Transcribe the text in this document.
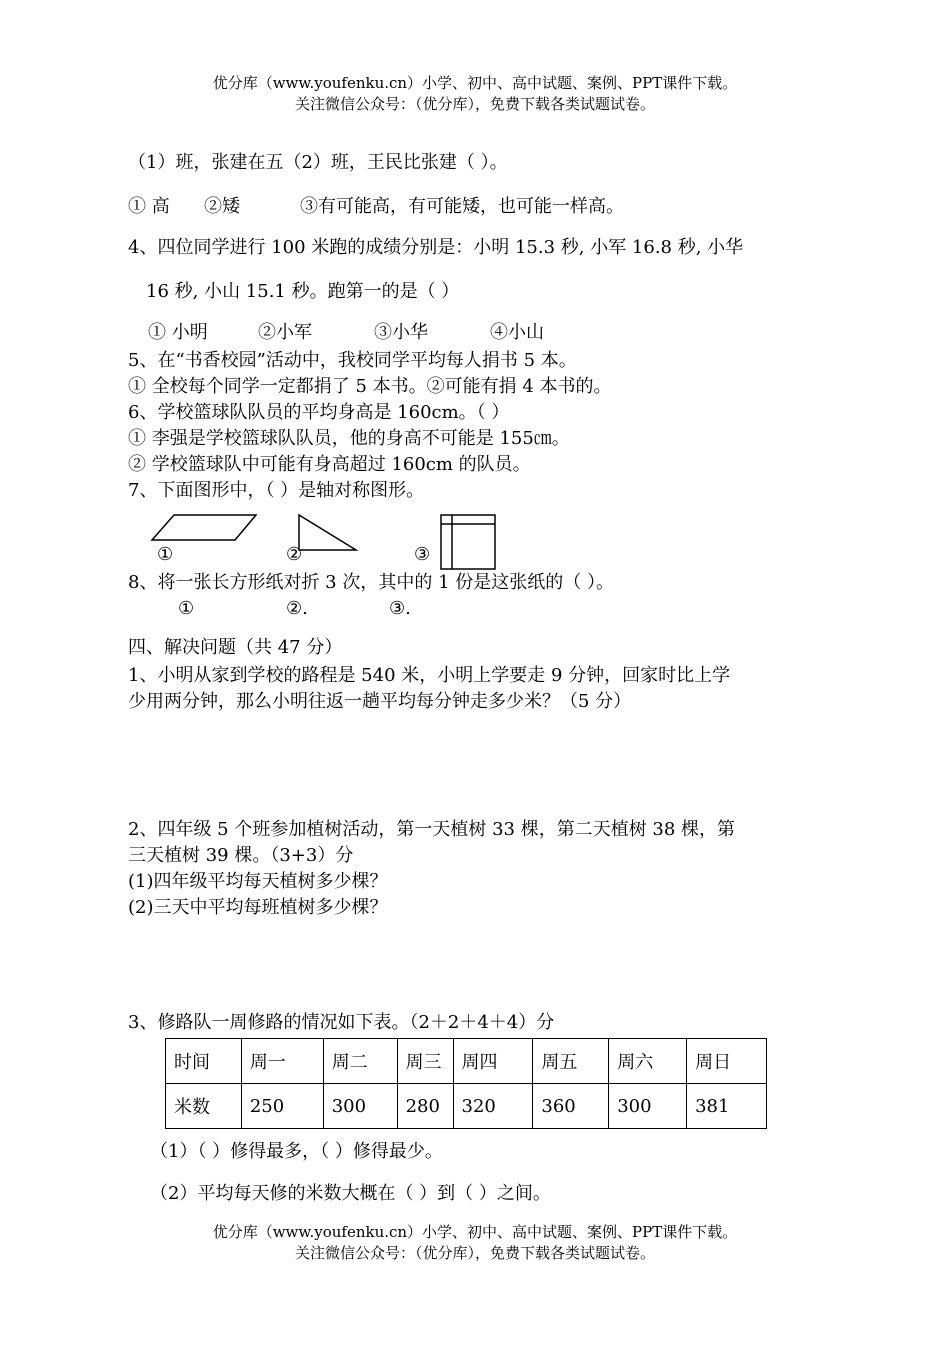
优分库（www.youfenku.cn）小学、初中、高中试题、案例、PPT课件下载。
关注微信公众号：（优分库），免费下载各类试题试卷。
（1）班，张建在五（2）班，王民比张建（ ）。
① 高 ②矮	③有可能高，有可能矮，也可能一样高。
4、四位同学进行 100 米跑的成绩分别是：小明 15.3 秒, 小军 16.8 秒, 小华
16 秒, 小山 15.1 秒。跑第一的是（ ）
① 小明	②小军	③小华	④小山
5、在“书香校园”活动中，我校同学平均每人捐书 5 本。
① 全校每个同学一定都捐了 5 本书。②可能有捐 4 本书的。
6、学校篮球队队员的平均身高是 160cm。（ ）
① 李强是学校篮球队队员，他的身高不可能是 155㎝。
② 学校篮球队中可能有身高超过 160cm 的队员。
7、下面图形中，（ ）是轴对称图形。
①	②	③
8、将一张长方形纸对折 3 次，其中的 1 份是这张纸的（ ）。
①	②.	③.
四、解决问题（共 47 分）
1、小明从家到学校的路程是 540 米，小明上学要走 9 分钟，回家时比上学
少用两分钟，那么小明往返一趟平均每分钟走多少米？（5 分）
2、四年级 5 个班参加植树活动，第一天植树 33 棵，第二天植树 38 棵，第
三天植树 39 棵。（3+3）分
(1)四年级平均每天植树多少棵？
(2)三天中平均每班植树多少棵？
3、修路队一周修路的情况如下表。（2＋2＋4＋4）分
时间	周一	周二	周三	周四	周五	周六	周日
米数	250	300	280	320	360	300	381
（1）（ ）修得最多，（ ）修得最少。
（2）平均每天修的米数大概在（ ）到（ ）之间。
优分库（www.youfenku.cn）小学、初中、高中试题、案例、PPT课件下载。
关注微信公众号：（优分库），免费下载各类试题试卷。
